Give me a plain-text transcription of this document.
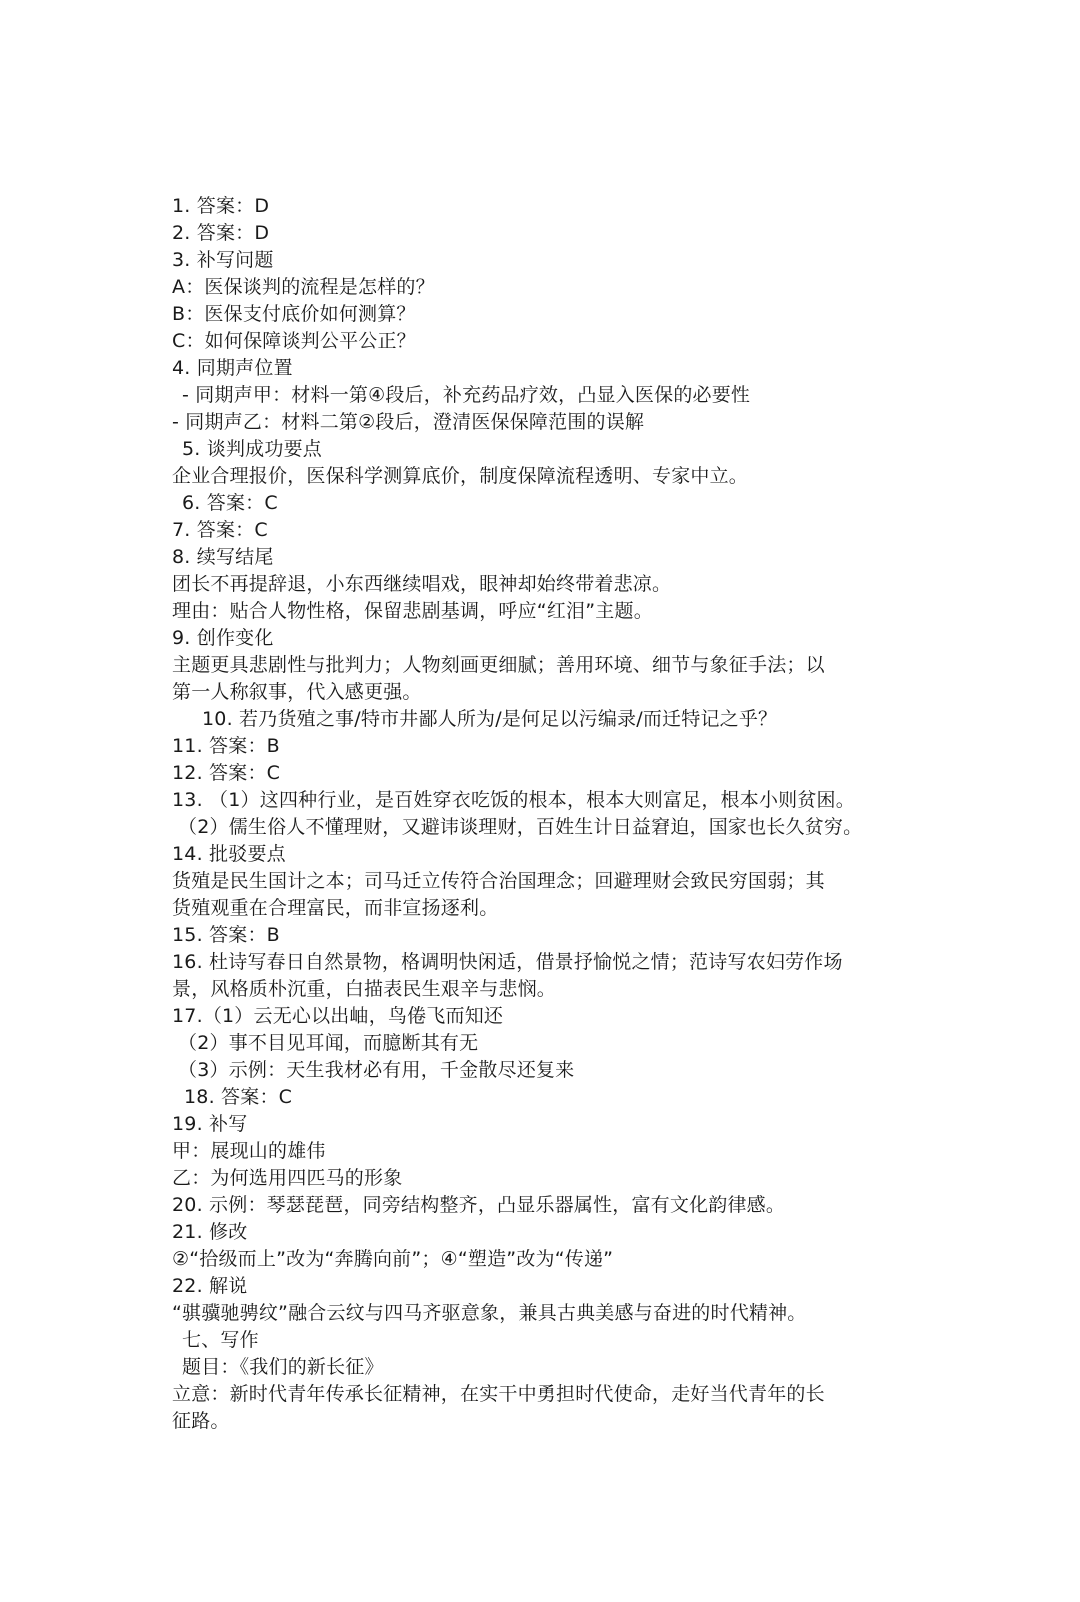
1. 答案：D
2. 答案：D
3. 补写问题
A：医保谈判的流程是怎样的？
B：医保支付底价如何测算？
C：如何保障谈判公平公正？
4. 同期声位置
- 同期声甲：材料一第④段后，补充药品疗效，凸显入医保的必要性
- 同期声乙：材料二第②段后，澄清医保保障范围的误解
5. 谈判成功要点
企业合理报价，医保科学测算底价，制度保障流程透明、专家中立。
6. 答案：C
7. 答案：C
8. 续写结尾
团长不再提辞退，小东西继续唱戏，眼神却始终带着悲凉。
理由：贴合人物性格，保留悲剧基调，呼应“红泪”主题。
9. 创作变化
主题更具悲剧性与批判力；人物刻画更细腻；善用环境、细节与象征手法；以
第一人称叙事，代入感更强。
10. 若乃货殖之事/特市井鄙人所为/是何足以污编录/而迁特记之乎？
11. 答案：B
12. 答案：C
13. （1）这四种行业，是百姓穿衣吃饭的根本，根本大则富足，根本小则贫困。
（2）儒生俗人不懂理财，又避讳谈理财，百姓生计日益窘迫，国家也长久贫穷。
14. 批驳要点
货殖是民生国计之本；司马迁立传符合治国理念；回避理财会致民穷国弱；其
货殖观重在合理富民，而非宣扬逐利。
15. 答案：B
16. 杜诗写春日自然景物，格调明快闲适，借景抒愉悦之情；范诗写农妇劳作场
景，风格质朴沉重，白描表民生艰辛与悲悯。
17.（1）云无心以出岫，鸟倦飞而知还
（2）事不目见耳闻，而臆断其有无
（3）示例：天生我材必有用，千金散尽还复来
18. 答案：C
19. 补写
甲：展现山的雄伟
乙：为何选用四匹马的形象
20. 示例：琴瑟琵琶，同旁结构整齐，凸显乐器属性，富有文化韵律感。
21. 修改
②“拾级而上”改为“奔腾向前”；④“塑造”改为“传递”
22. 解说
“骐骥驰骋纹”融合云纹与四马齐驱意象，兼具古典美感与奋进的时代精神。
七、写作
题目：《我们的新长征》
立意：新时代青年传承长征精神，在实干中勇担时代使命，走好当代青年的长
征路。
